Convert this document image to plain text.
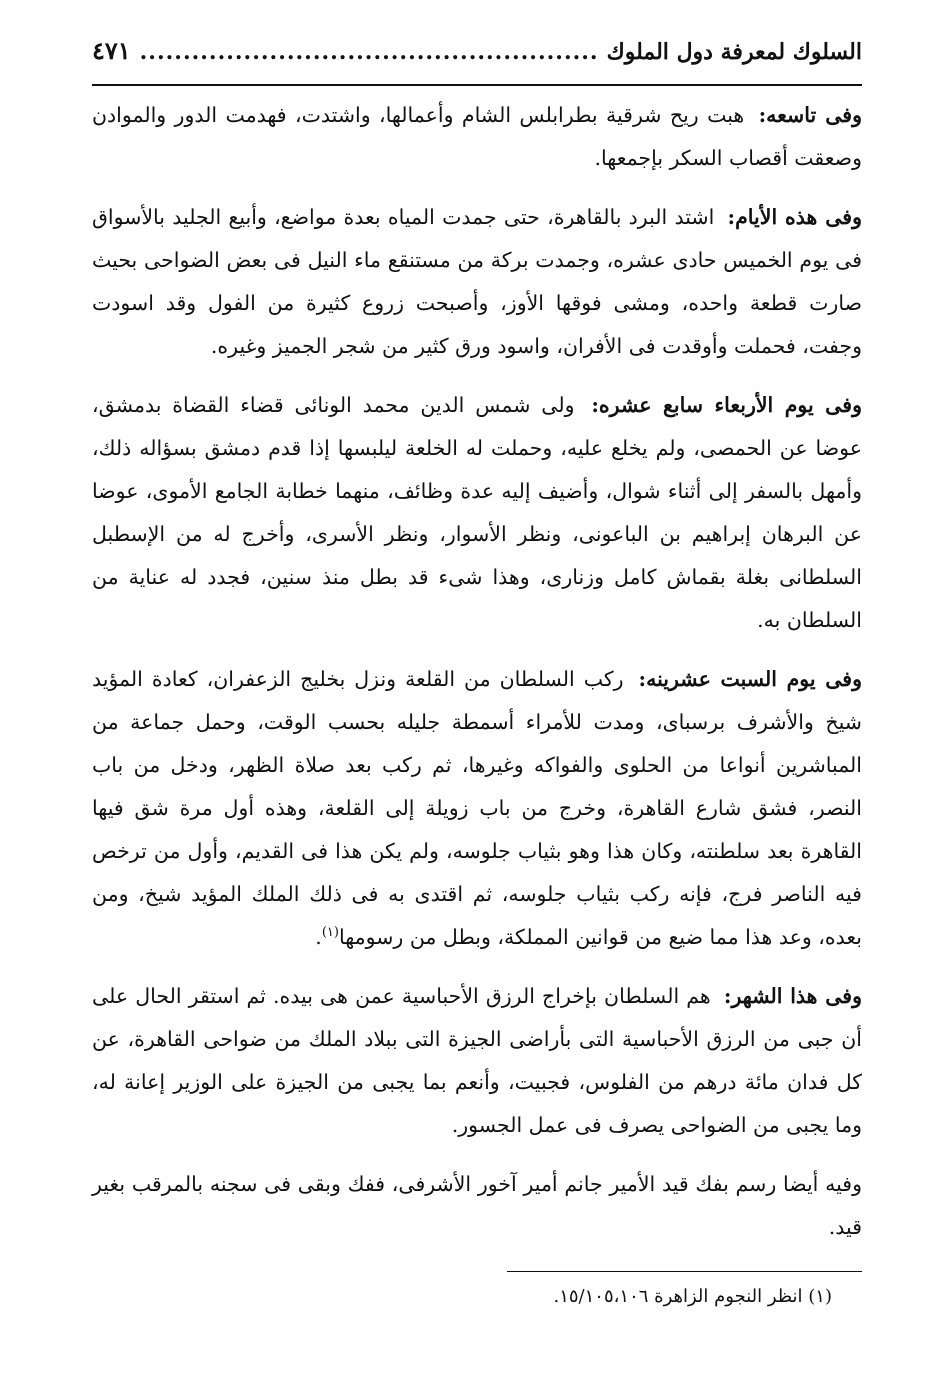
السلوك لمعرفة دول الملوك
.....
٤٧١

وفى تاسعه: هبت ريح شرقية بطرابلس الشام وأعمالها، واشتدت، فهدمت الدور والموادن وصعقت أقصاب السكر بإجمعها.

وفى هذه الأيام: اشتد البرد بالقاهرة، حتى جمدت المياه بعدة مواضع، وأبيع الجليد بالأسواق فى يوم الخميس حادى عشره، وجمدت بركة من مستنقع ماء النيل فى بعض الضواحى بحيث صارت قطعة واحده، ومشى فوقها الأوز، وأصبحت زروع كثيرة من الفول وقد اسودت وجفت، فحملت وأوقدت فى الأفران، واسود ورق كثير من شجر الجميز وغيره.

وفى يوم الأربعاء سابع عشره: ولى شمس الدين محمد الونائى قضاء القضاة بدمشق، عوضا عن الحمصى، ولم يخلع عليه، وحملت له الخلعة ليلبسها إذا قدم دمشق بسؤاله ذلك، وأمهل بالسفر إلى أثناء شوال، وأضيف إليه عدة وظائف، منهما خطابة الجامع الأموى، عوضا عن البرهان إبراهيم بن الباعونى، ونظر الأسوار، ونظر الأسرى، وأخرج له من الإسطبل السلطانى بغلة بقماش كامل وزنارى، وهذا شىء قد بطل منذ سنين، فجدد له عناية من السلطان به.

وفى يوم السبت عشرينه: ركب السلطان من القلعة ونزل بخليج الزعفران، كعادة المؤيد شيخ والأشرف برسباى، ومدت للأمراء أسمطة جليله بحسب الوقت، وحمل جماعة من المباشرين أنواعا من الحلوى والفواكه وغيرها، ثم ركب بعد صلاة الظهر، ودخل من باب النصر، فشق شارع القاهرة، وخرج من باب زويلة إلى القلعة، وهذه أول مرة شق فيها القاهرة بعد سلطنته، وكان هذا وهو بثياب جلوسه، ولم يكن هذا فى القديم، وأول من ترخص فيه الناصر فرج، فإنه ركب بثياب جلوسه، ثم اقتدى به فى ذلك الملك المؤيد شيخ، ومن بعده، وعد هذا مما ضيع من قوانين المملكة، وبطل من رسومها$^{(١)}$.

وفى هذا الشهر: هم السلطان بإخراج الرزق الأحباسية عمن هى بيده. ثم استقر الحال على أن جبى من الرزق الأحباسية التى بأراضى الجيزة التى ببلاد الملك من ضواحى القاهرة، عن كل فدان مائة درهم من الفلوس، فجبيت، وأنعم بما يجبى من الجيزة على الوزير إعانة له، وما يجبى من الضواحى يصرف فى عمل الجسور.

وفيه أيضا رسم بفك قيد الأمير جانم أمير آخور الأشرفى، ففك وبقى فى سجنه بالمرقب بغير قيد.

(١) انظر النجوم الزاهرة ١٥/١٠٥،١٠٦.
